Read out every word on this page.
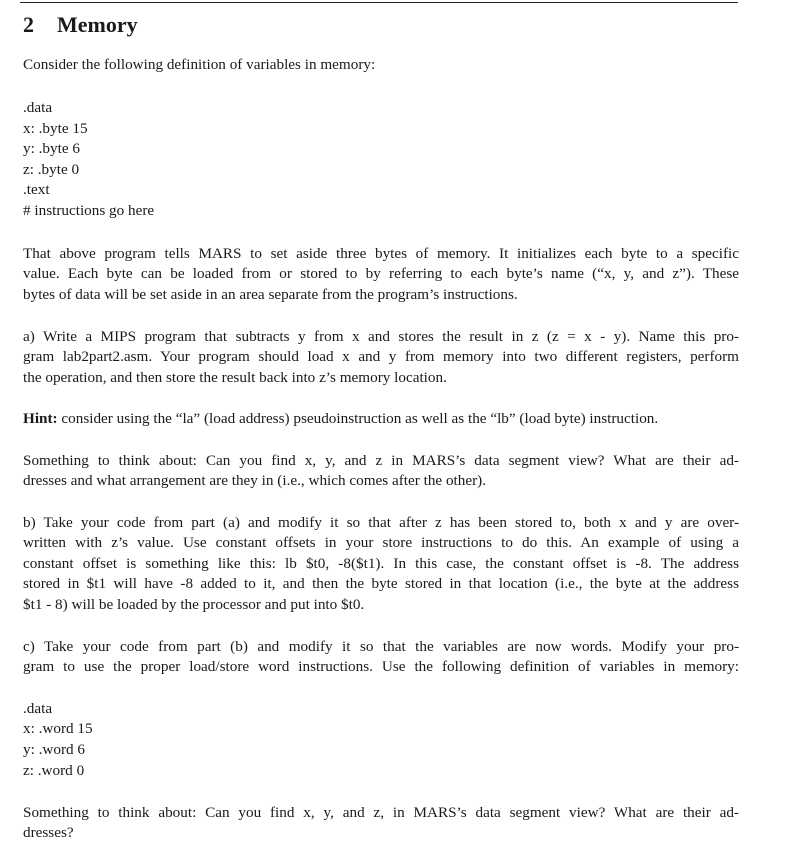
2 Memory
Consider the following definition of variables in memory:
.data
x: .byte 15
y: .byte 6
z: .byte 0
.text
# instructions go here
That above program tells MARS to set aside three bytes of memory. It initializes each byte to a specific
value. Each byte can be loaded from or stored to by referring to each byte’s name (“x, y, and z”). These
bytes of data will be set aside in an area separate from the program’s instructions.
a) Write a MIPS program that subtracts y from x and stores the result in z (z = x - y). Name this pro-
gram lab2part2.asm. Your program should load x and y from memory into two different registers, perform
the operation, and then store the result back into z’s memory location.
Hint: consider using the “la” (load address) pseudoinstruction as well as the “lb” (load byte) instruction.
Something to think about: Can you find x, y, and z in MARS’s data segment view? What are their ad-
dresses and what arrangement are they in (i.e., which comes after the other).
b) Take your code from part (a) and modify it so that after z has been stored to, both x and y are over-
written with z’s value. Use constant offsets in your store instructions to do this. An example of using a
constant offset is something like this: lb $t0, -8($t1). In this case, the constant offset is -8. The address
stored in $t1 will have -8 added to it, and then the byte stored in that location (i.e., the byte at the address
$t1 - 8) will be loaded by the processor and put into $t0.
c) Take your code from part (b) and modify it so that the variables are now words. Modify your pro-
gram to use the proper load/store word instructions. Use the following definition of variables in memory:
.data
x: .word 15
y: .word 6
z: .word 0
Something to think about: Can you find x, y, and z, in MARS’s data segment view? What are their ad-
dresses?
